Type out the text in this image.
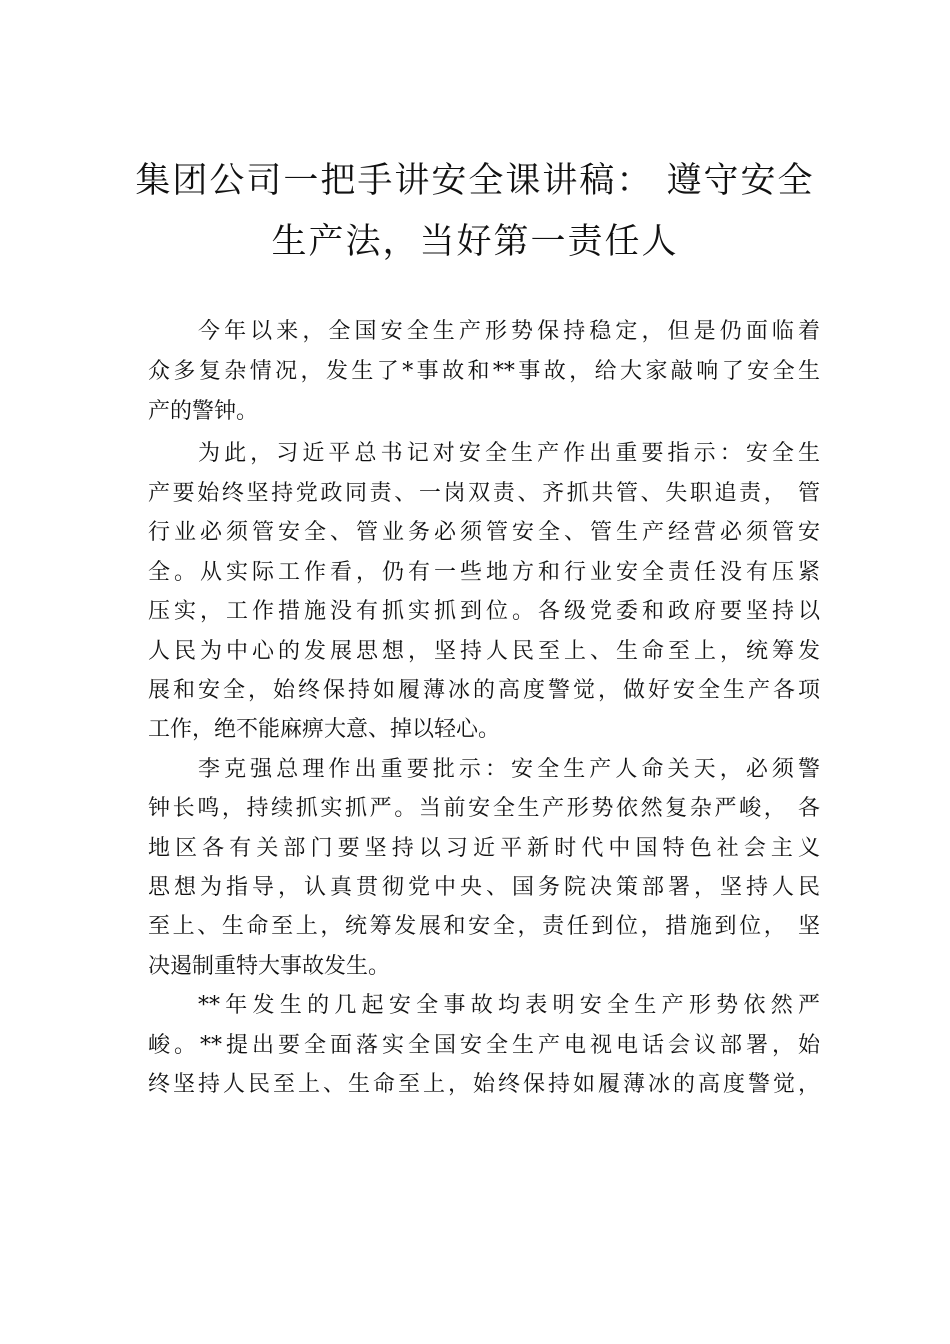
集团公司一把手讲安全课讲稿： 遵守安全
生产法，当好第一责任人
今年以来，全国安全生产形势保持稳定，但是仍面临着
众多复杂情况，发生了*事故和**事故，给大家敲响了安全生
产的警钟。
为此，习近平总书记对安全生产作出重要指示：安全生
产要始终坚持党政同责、一岗双责、齐抓共管、失职追责， 管
行业必须管安全、管业务必须管安全、管生产经营必须管安
全。从实际工作看，仍有一些地方和行业安全责任没有压紧
压实，工作措施没有抓实抓到位。各级党委和政府要坚持以
人民为中心的发展思想，坚持人民至上、生命至上，统筹发
展和安全，始终保持如履薄冰的高度警觉，做好安全生产各项
工作，绝不能麻痹大意、掉以轻心。
李克强总理作出重要批示：安全生产人命关天，必须警
钟长鸣，持续抓实抓严。当前安全生产形势依然复杂严峻， 各
地区各有关部门要坚持以习近平新时代中国特色社会主义
思想为指导，认真贯彻党中央、国务院决策部署，坚持人民
至上、生命至上，统筹发展和安全，责任到位，措施到位， 坚
决遏制重特大事故发生。
**年发生的几起安全事故均表明安全生产形势依然严
峻。**提出要全面落实全国安全生产电视电话会议部署，始
终坚持人民至上、生命至上，始终保持如履薄冰的高度警觉，
